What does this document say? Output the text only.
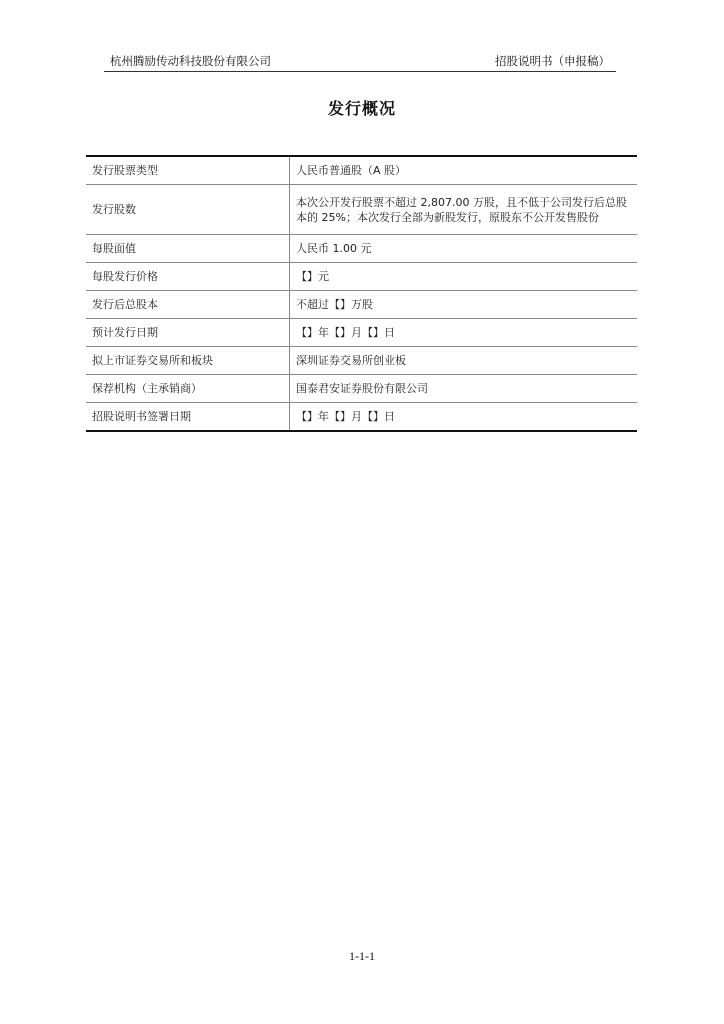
杭州腾励传动科技股份有限公司	招股说明书（申报稿）
发行概况
发行股票类型	人民币普通股（A 股）
发行股数	本次公开发行股票不超过 2,807.00 万股，且不低于公司发行后总股本的 25%；本次发行全部为新股发行，原股东不公开发售股份
每股面值	人民币 1.00 元
每股发行价格	【】元
发行后总股本	不超过【】万股
预计发行日期	【】年【】月【】日
拟上市证券交易所和板块	深圳证券交易所创业板
保荐机构（主承销商）	国泰君安证券股份有限公司
招股说明书签署日期	【】年【】月【】日
1-1-1
